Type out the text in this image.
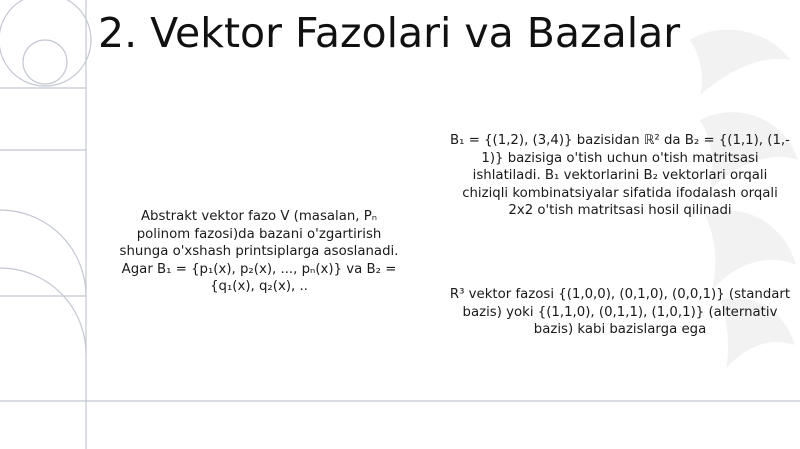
2. Vektor Fazolari va Bazalar
Abstrakt vektor fazo V (masalan, Pₙ
polinom fazosi)da bazani o'zgartirish
shunga o'xshash printsiplarga asoslanadi.
Agar B₁ = {p₁(x), p₂(x), ..., pₙ(x)} va B₂ =
{q₁(x), q₂(x), ..
B₁ = {(1,2), (3,4)} bazisidan ℝ² da B₂ = {(1,1), (1,-
1)} bazisiga o'tish uchun o'tish matritsasi
ishlatiladi. B₁ vektorlarini B₂ vektorlari orqali
chiziqli kombinatsiyalar sifatida ifodalash orqali
2x2 o'tish matritsasi hosil qilinadi
R³ vektor fazosi {(1,0,0), (0,1,0), (0,0,1)} (standart
bazis) yoki {(1,1,0), (0,1,1), (1,0,1)} (alternativ
bazis) kabi bazislarga ega
